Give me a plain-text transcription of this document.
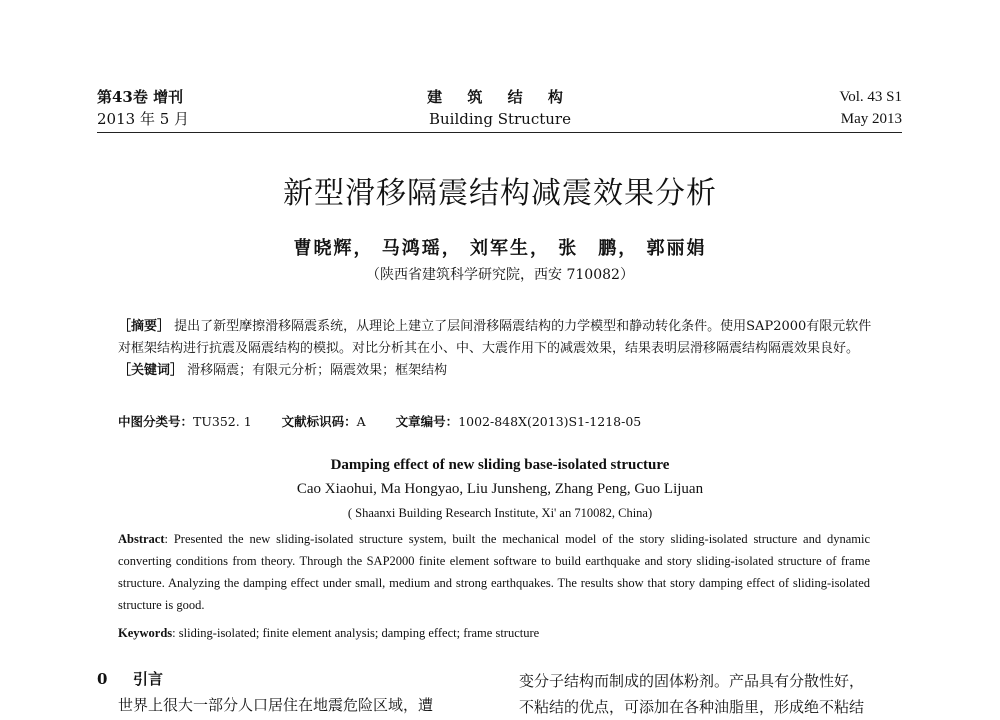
第43卷 增刊
2013 年 5 月
建 筑 结 构
Building Structure
Vol. 43 S1
May 2013
新型滑移隔震结构减震效果分析
曹晓辉， 马鸿瑶， 刘军生， 张　鹏， 郭丽娟
（陕西省建筑科学研究院，西安 710082）
［摘要］ 提出了新型摩擦滑移隔震系统，从理论上建立了层间滑移隔震结构的力学模型和静动转化条件。使用SAP2000有限元软件对框架结构进行抗震及隔震结构的模拟。对比分析其在小、中、大震作用下的减震效果，结果表明层滑移隔震结构隔震效果良好。
［关键词］ 滑移隔震；有限元分析；隔震效果；框架结构
中图分类号：TU352. 1 文献标识码：A 文章编号：1002-848X(2013)S1-1218-05
Damping effect of new sliding base-isolated structure
Cao Xiaohui, Ma Hongyao, Liu Junsheng, Zhang Peng, Guo Lijuan
( Shaanxi Building Research Institute, Xi' an 710082, China)
Abstract: Presented the new sliding-isolated structure system, built the mechanical model of the story sliding-isolated structure and dynamic converting conditions from theory. Through the SAP2000 finite element software to build earthquake and story sliding-isolated structure of frame structure. Analyzing the damping effect under small, medium and strong earthquakes. The results show that story damping effect of sliding-isolated structure is good.
Keywords: sliding-isolated; finite element analysis; damping effect; frame structure
0 引言
世界上很大一部分人口居住在地震危险区域，遭
变分子结构而制成的固体粉剂。产品具有分散性好，
不粘结的优点，可添加在各种油脂里，形成绝不粘结
